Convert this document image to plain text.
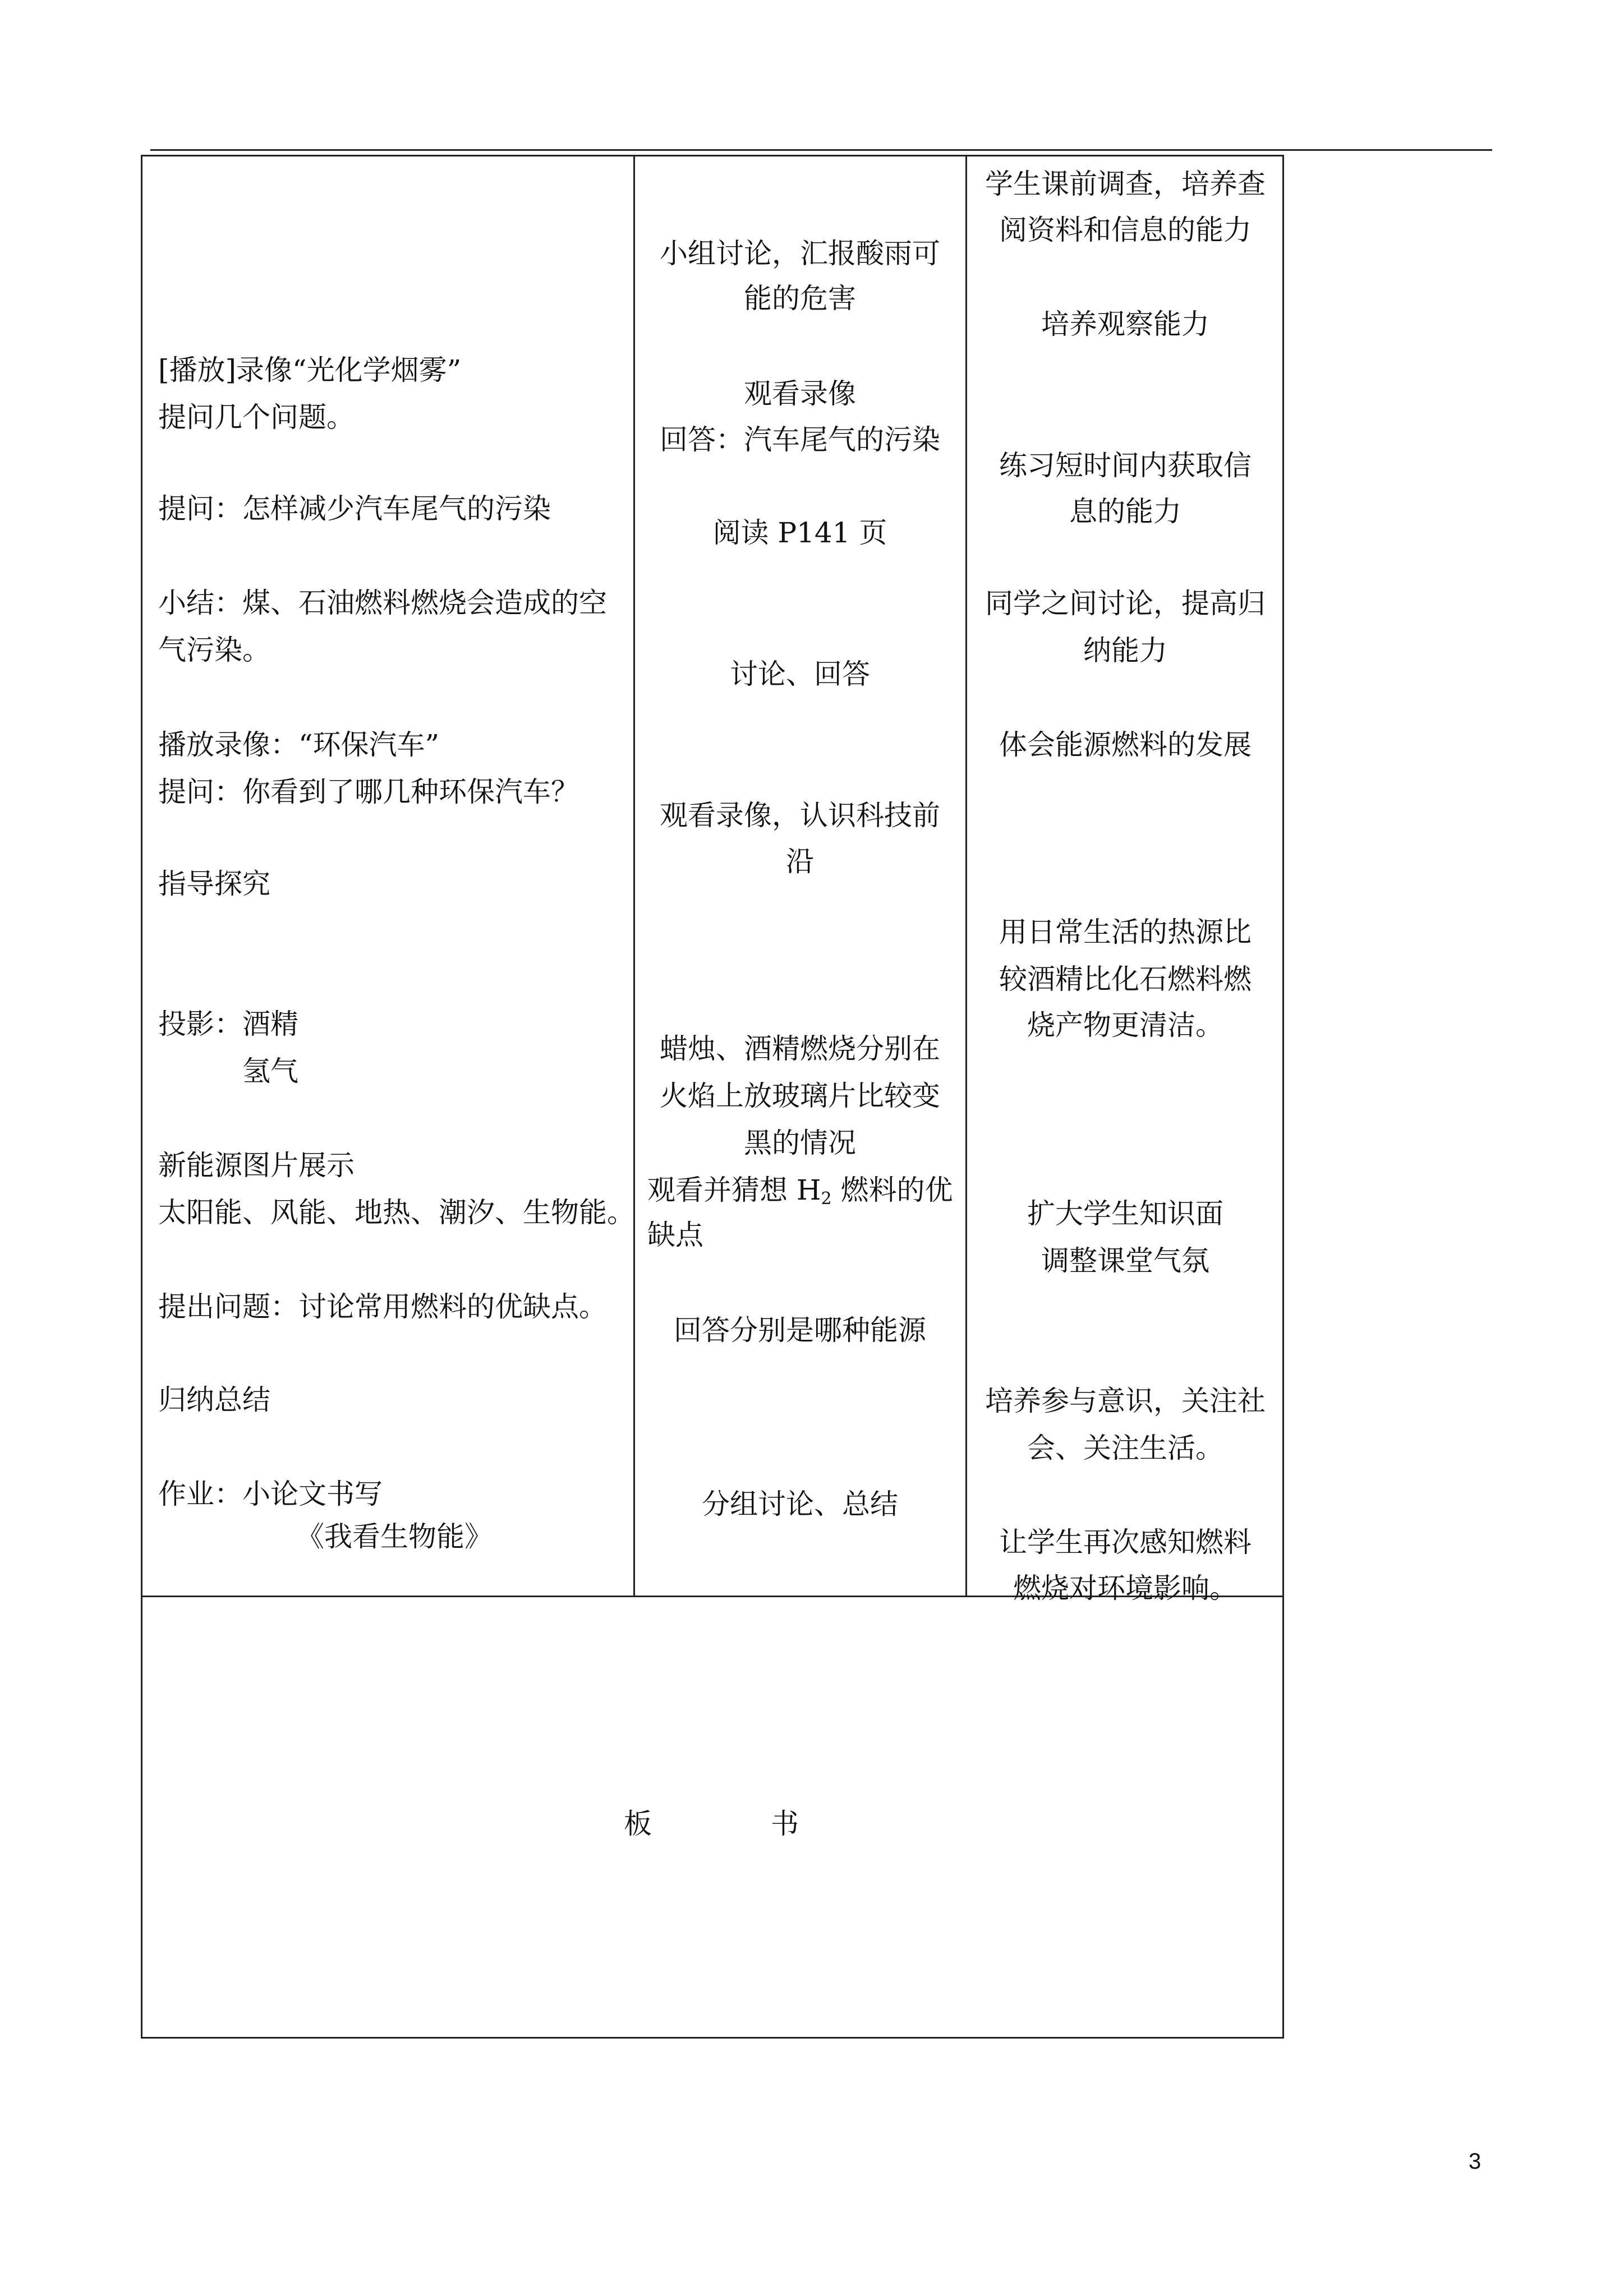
[播放]录像“光化学烟雾”
提问几个问题。
提问：怎样减少汽车尾气的污染
小结：煤、石油燃料燃烧会造成的空
气污染。
播放录像：“环保汽车”
提问：你看到了哪几种环保汽车？
指导探究
投影：酒精
氢气
新能源图片展示
太阳能、风能、地热、潮汐、生物能。
提出问题：讨论常用燃料的优缺点。
归纳总结
作业：小论文书写
《我看生物能》
小组讨论，汇报酸雨可
能的危害
观看录像
回答：汽车尾气的污染
阅读 P141 页
讨论、回答
观看录像，认识科技前
沿
蜡烛、酒精燃烧分别在
火焰上放玻璃片比较变
黑的情况
观看并猜想 $H_2$ 燃料的优
缺点
回答分别是哪种能源
分组讨论、总结
学生课前调查，培养查
阅资料和信息的能力
培养观察能力
练习短时间内获取信
息的能力
同学之间讨论，提高归
纳能力
体会能源燃料的发展
用日常生活的热源比
较酒精比化石燃料燃
烧产物更清洁。
扩大学生知识面
调整课堂气氛
培养参与意识，关注社
会、关注生活。
让学生再次感知燃料
燃烧对环境影响。
板	书
3
